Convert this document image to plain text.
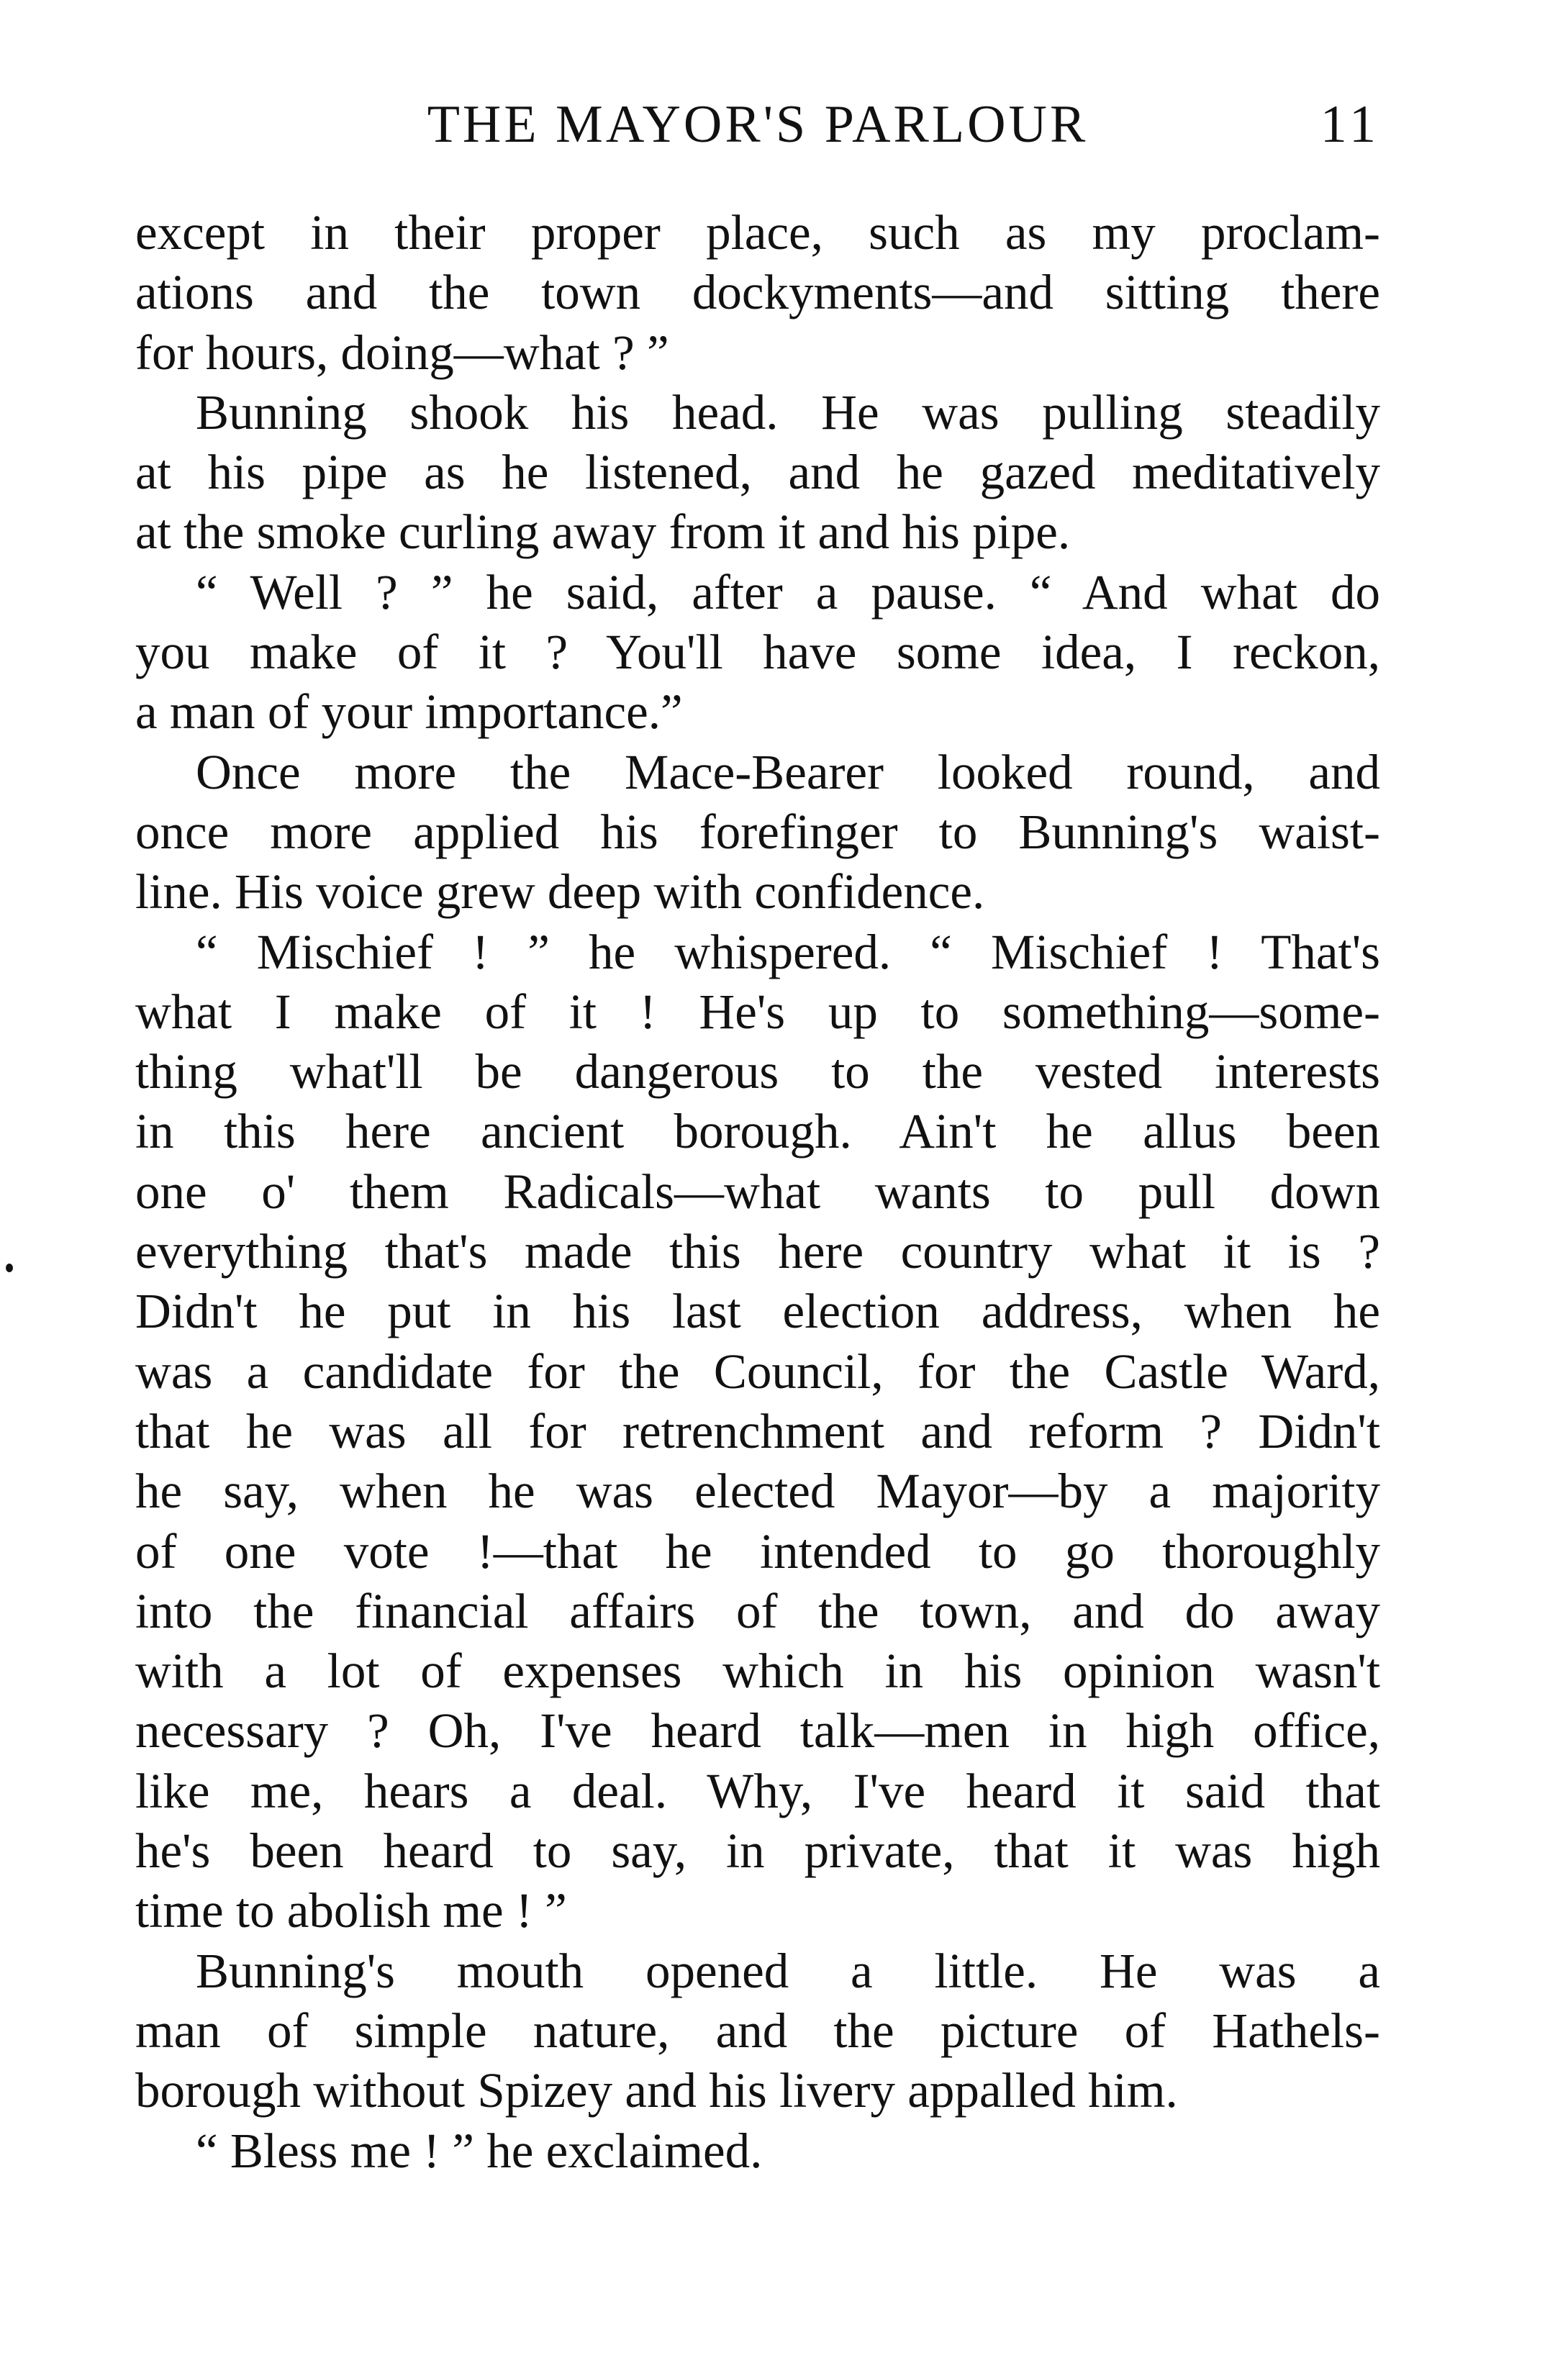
THE MAYOR'S PARLOUR	11
except in their proper place, such as my proclam-
ations and the town dockyments—and sitting there
for hours, doing—what ? ”
Bunning shook his head. He was pulling steadily
at his pipe as he listened, and he gazed meditatively
at the smoke curling away from it and his pipe.
“ Well ? ” he said, after a pause. “ And what do
you make of it ? You'll have some idea, I reckon,
a man of your importance.”
Once more the Mace-Bearer looked round, and
once more applied his forefinger to Bunning's waist-
line. His voice grew deep with confidence.
“ Mischief ! ” he whispered. “ Mischief ! That's
what I make of it ! He's up to something—some-
thing what'll be dangerous to the vested interests
in this here ancient borough. Ain't he allus been
one o' them Radicals—what wants to pull down
everything that's made this here country what it is ?
Didn't he put in his last election address, when he
was a candidate for the Council, for the Castle Ward,
that he was all for retrenchment and reform ? Didn't
he say, when he was elected Mayor—by a majority
of one vote !—that he intended to go thoroughly
into the financial affairs of the town, and do away
with a lot of expenses which in his opinion wasn't
necessary ? Oh, I've heard talk—men in high office,
like me, hears a deal. Why, I've heard it said that
he's been heard to say, in private, that it was high
time to abolish me ! ”
Bunning's mouth opened a little. He was a
man of simple nature, and the picture of Hathels-
borough without Spizey and his livery appalled him.
“ Bless me ! ” he exclaimed.
